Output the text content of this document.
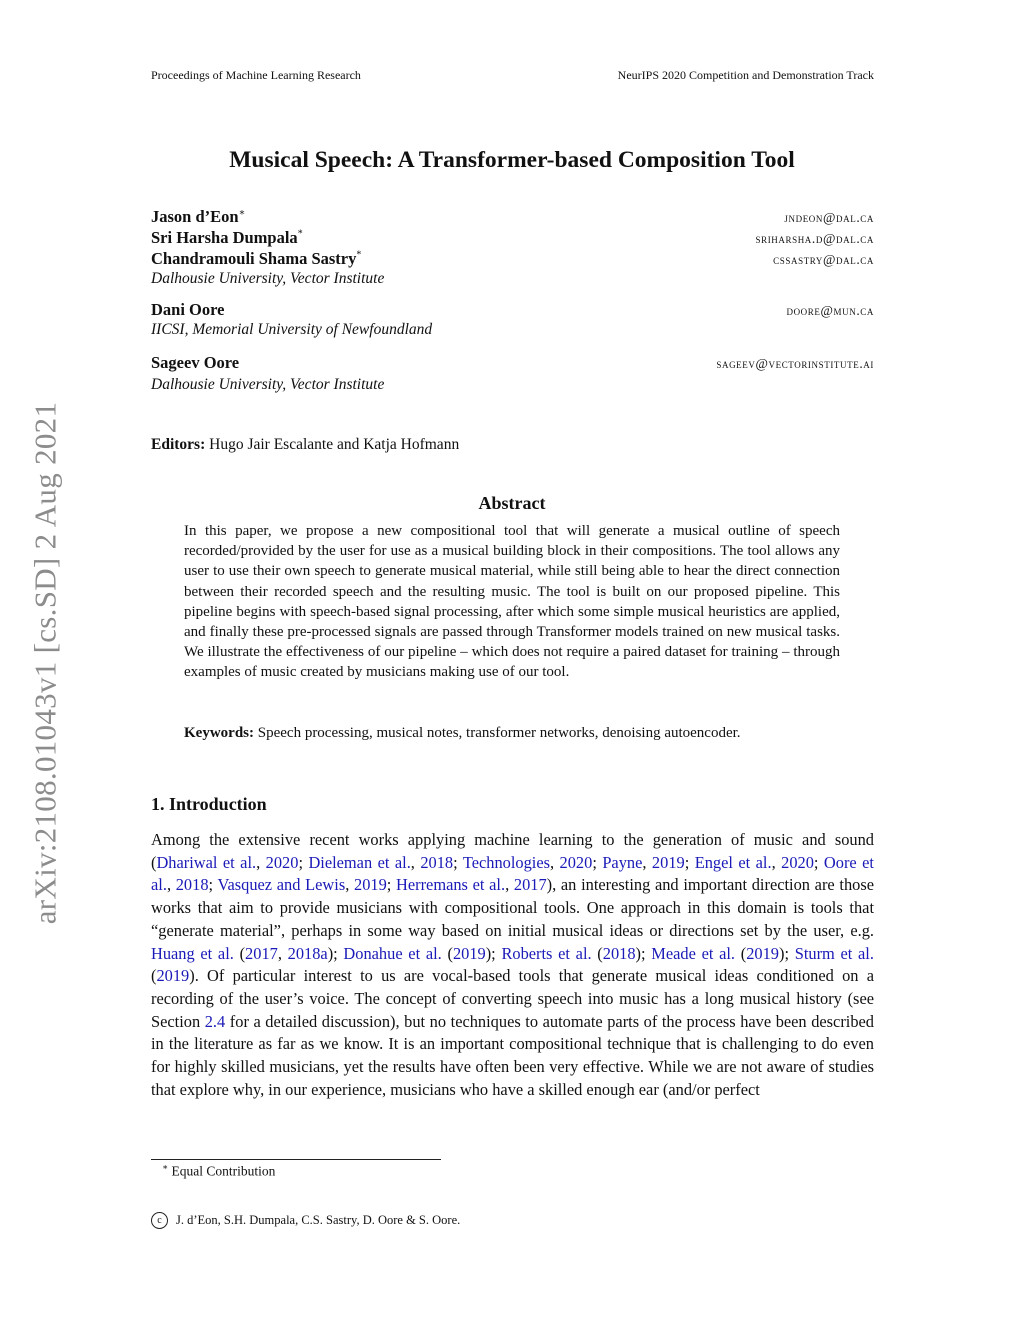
arXiv:2108.01043v1 [cs.SD] 2 Aug 2021
Proceedings of Machine Learning Research	NeurIPS 2020 Competition and Demonstration Track
Musical Speech: A Transformer-based Composition Tool
Jason d’Eon∗	jndeon@dal.ca
Sri Harsha Dumpala*	sriharsha.d@dal.ca
Chandramouli Shama Sastry*	cssastry@dal.ca
Dalhousie University, Vector Institute
Dani Oore	doore@mun.ca
IICSI, Memorial University of Newfoundland
Sageev Oore	sageev@vectorinstitute.ai
Dalhousie University, Vector Institute
Editors: Hugo Jair Escalante and Katja Hofmann
Abstract
In this paper, we propose a new compositional tool that will generate a musical outline of speech recorded/provided by the user for use as a musical building block in their compositions. The tool allows any user to use their own speech to generate musical material, while still being able to hear the direct connection between their recorded speech and the resulting music. The tool is built on our proposed pipeline. This pipeline begins with speech-based signal processing, after which some simple musical heuristics are applied, and finally these pre-processed signals are passed through Transformer models trained on new musical tasks. We illustrate the effectiveness of our pipeline – which does not require a paired dataset for training – through examples of music created by musicians making use of our tool.
Keywords: Speech processing, musical notes, transformer networks, denoising autoencoder.
1. Introduction
Among the extensive recent works applying machine learning to the generation of music and sound (Dhariwal et al., 2020; Dieleman et al., 2018; Technologies, 2020; Payne, 2019; Engel et al., 2020; Oore et al., 2018; Vasquez and Lewis, 2019; Herremans et al., 2017), an interesting and important direction are those works that aim to provide musicians with compositional tools. One approach in this domain is tools that “generate material”, perhaps in some way based on initial musical ideas or directions set by the user, e.g. Huang et al. (2017, 2018a); Donahue et al. (2019); Roberts et al. (2018); Meade et al. (2019); Sturm et al. (2019). Of particular interest to us are vocal-based tools that generate musical ideas conditioned on a recording of the user’s voice. The concept of converting speech into music has a long musical history (see Section 2.4 for a detailed discussion), but no techniques to automate parts of the process have been described in the literature as far as we know. It is an important compositional technique that is challenging to do even for highly skilled musicians, yet the results have often been very effective. While we are not aware of studies that explore why, in our experience, musicians who have a skilled enough ear (and/or perfect
∗ Equal Contribution
c	J. d’Eon, S.H. Dumpala, C.S. Sastry, D. Oore & S. Oore.
